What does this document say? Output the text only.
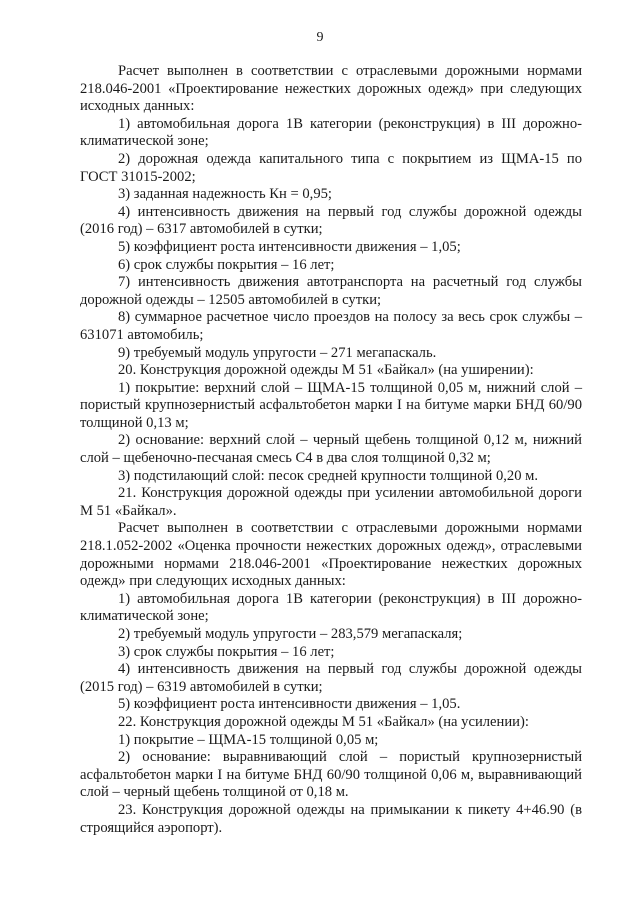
9

Расчет выполнен в соответствии с отраслевыми дорожными нормами 218.046-2001 «Проектирование нежестких дорожных одежд» при следующих исходных данных:

1) автомобильная дорога 1В категории (реконструкция) в III дорожно-климатической зоне;

2) дорожная одежда капитального типа с покрытием из ЩМА-15 по ГОСТ 31015-2002;

3) заданная надежность Кн = 0,95;

4) интенсивность движения на первый год службы дорожной одежды (2016 год) – 6317 автомобилей в сутки;

5) коэффициент роста интенсивности движения – 1,05;

6) срок службы покрытия – 16 лет;

7) интенсивность движения автотранспорта на расчетный год службы дорожной одежды – 12505 автомобилей в сутки;

8) суммарное расчетное число проездов на полосу за весь срок службы – 631071 автомобиль;

9) требуемый модуль упругости – 271 мегапаскаль.

20. Конструкция дорожной одежды М 51 «Байкал» (на уширении):

1) покрытие: верхний слой – ЩМА-15 толщиной 0,05 м, нижний слой – пористый крупнозернистый асфальтобетон марки I на битуме марки БНД 60/90 толщиной 0,13 м;

2) основание: верхний слой – черный щебень толщиной 0,12 м, нижний слой – щебеночно-песчаная смесь С4 в два слоя толщиной 0,32 м;

3) подстилающий слой: песок средней крупности толщиной 0,20 м.

21. Конструкция дорожной одежды при усилении автомобильной дороги М 51 «Байкал».

Расчет выполнен в соответствии с отраслевыми дорожными нормами 218.1.052-2002 «Оценка прочности нежестких дорожных одежд», отраслевыми дорожными нормами 218.046-2001 «Проектирование нежестких дорожных одежд» при следующих исходных данных:

1) автомобильная дорога 1В категории (реконструкция) в III дорожно-климатической зоне;

2) требуемый модуль упругости – 283,579 мегапаскаля;

3) срок службы покрытия – 16 лет;

4) интенсивность движения на первый год службы дорожной одежды (2015 год) – 6319 автомобилей в сутки;

5) коэффициент роста интенсивности движения – 1,05.

22. Конструкция дорожной одежды М 51 «Байкал» (на усилении):

1) покрытие – ЩМА-15 толщиной 0,05 м;

2) основание: выравнивающий слой – пористый крупнозернистый асфальтобетон марки I на битуме БНД 60/90 толщиной 0,06 м, выравнивающий слой – черный щебень толщиной от 0,18 м.

23. Конструкция дорожной одежды на примыкании к пикету 4+46.90 (в строящийся аэропорт).
